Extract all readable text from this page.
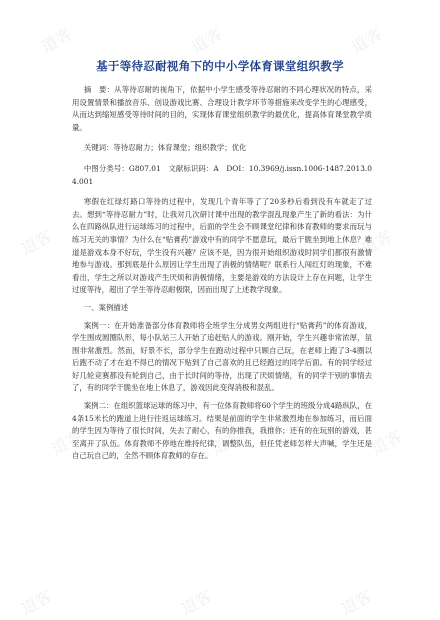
道客	道客	道客
道客	道客	道客
道客	道客	道客
道客	道客	道客
基于等待忍耐视角下的中小学体育课堂组织教学

摘　要：从等待忍耐的视角下，依据中小学生感受等待忍耐的不同心理状况的特点，采用设置情景和播放音乐、创设游戏比赛、合理设计教学环节等措施来改变学生的心理感受，从而达到缩短感受等待时间的目的，实现体育课堂组织教学的最优化，提高体育课堂教学质量。

关键词：等待忍耐力；体育课堂；组织教学；优化

中图分类号：G807.01　文献标识码：A　DOI：10.3969/j.issn.1006-1487.2013.04.001

寒假在红绿灯路口等待的过程中，发现几个青年等了了20多秒后看到没有车就走了过去。想到“等待忍耐力”时，让我对几次研讨课中出现的教学混乱现象产生了新的看法：为什么在四路纵队进行运球练习的过程中，后面的学生会不顾课堂纪律和体育教师的要求而玩与练习无关的事情？为什么在“贴膏药”游戏中有的同学不愿意玩，最后干脆坐到地上休息？难道是游戏本身不好玩，学生没有兴趣？应该不是，因为很开始组织游戏时同学们都很有激情地参与游戏。那到底是什么原因让学生出现了消极的情绪呢？联系行人闯红灯的现象，不难看出，学生之所以对游戏产生厌烦和消极情绪，主要是游戏的方法设计上存在问题，让学生过度等待，超出了学生等待忍耐极限，因而出现了上述教学现象。

一、案例描述

案例一：在开始准备部分体育教师将全班学生分成男女两组进行“贴膏药”的体育游戏，学生围成圆圈队形，每小队站三人开始了追赶贴人的游戏。刚开始，学生兴趣非常浓厚，氛围非常激烈。然而，好景不长，部分学生在跑动过程中只顾自己玩，在老师上跑了3-4圈以后跑不动了才在迫不得已的情况下贴到了自己喜欢的且已经跑过的同学后面。有的同学经过好几轮竞赛都没有轮到自己，由于长时间的等待，出现了厌烦情绪，有的同学干别的事情去了，有的同学干脆坐在地上休息了，游戏因此变得消极和混乱。

案例二：在组织篮球运球的练习中，有一位体育教师将60个学生的班级分成4路纵队，在4条15米长的跑道上进行往返运球练习。结果是前面的学生非常激烈地在参加练习，而后面的学生因为等待了很长时间，失去了耐心，有的你推我，我推你；还有的在玩别的游戏，甚至离开了队伍。体育教师不停地在维持纪律，调整队伍，但任凭老师怎样大声喊，学生还是自己玩自己的，全然不顾体育教师的存在。
